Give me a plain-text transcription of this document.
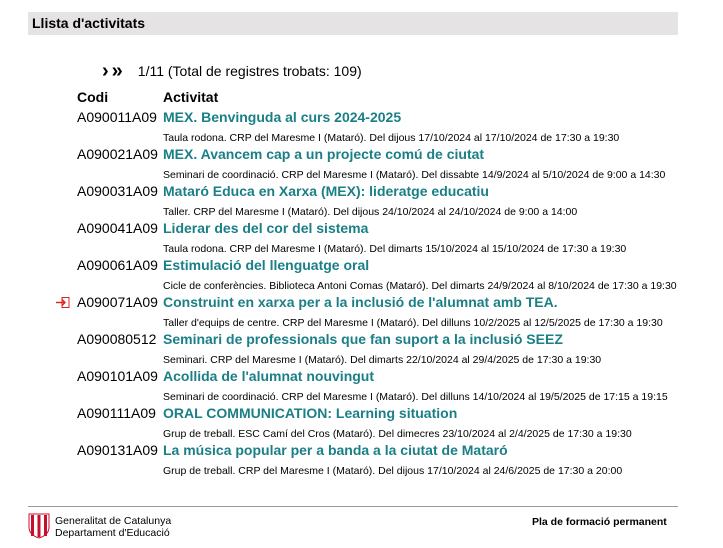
Llista d'activitats
› » 1/11 (Total de registres trobats: 109)
Codi	Activitat
A090011A09 MEX. Benvinguda al curs 2024-2025
Taula rodona. CRP del Maresme I (Mataró). Del dijous 17/10/2024 al 17/10/2024 de 17:30 a 19:30
A090021A09 MEX. Avancem cap a un projecte comú de ciutat
Seminari de coordinació. CRP del Maresme I (Mataró). Del dissabte 14/9/2024 al 5/10/2024 de 9:00 a 14:30
A090031A09 Mataró Educa en Xarxa (MEX): lideratge educatiu
Taller. CRP del Maresme I (Mataró). Del dijous 24/10/2024 al 24/10/2024 de 9:00 a 14:00
A090041A09 Liderar des del cor del sistema
Taula rodona. CRP del Maresme I (Mataró). Del dimarts 15/10/2024 al 15/10/2024 de 17:30 a 19:30
A090061A09 Estimulació del llenguatge oral
Cicle de conferències. Biblioteca Antoni Comas (Mataró). Del dimarts 24/9/2024 al 8/10/2024 de 17:30 a 19:30
A090071A09 Construint en xarxa per a la inclusió de l'alumnat amb TEA.
Taller d'equips de centre. CRP del Maresme I (Mataró). Del dilluns 10/2/2025 al 12/5/2025 de 17:30 a 19:30
A090080512 Seminari de professionals que fan suport a la inclusió SEEZ
Seminari. CRP del Maresme I (Mataró). Del dimarts 22/10/2024 al 29/4/2025 de 17:30 a 19:30
A090101A09 Acollida de l'alumnat nouvingut
Seminari de coordinació. CRP del Maresme I (Mataró). Del dilluns 14/10/2024 al 19/5/2025 de 17:15 a 19:15
A090111A09 ORAL COMMUNICATION: Learning situation
Grup de treball. ESC Camí del Cros (Mataró). Del dimecres 23/10/2024 al 2/4/2025 de 17:30 a 19:30
A090131A09 La música popular per a banda a la ciutat de Mataró
Grup de treball. CRP del Maresme I (Mataró). Del dijous 17/10/2024 al 24/6/2025 de 17:30 a 20:00
Generalitat de Catalunya
Departament d'Educació
Pla de formació permanent
